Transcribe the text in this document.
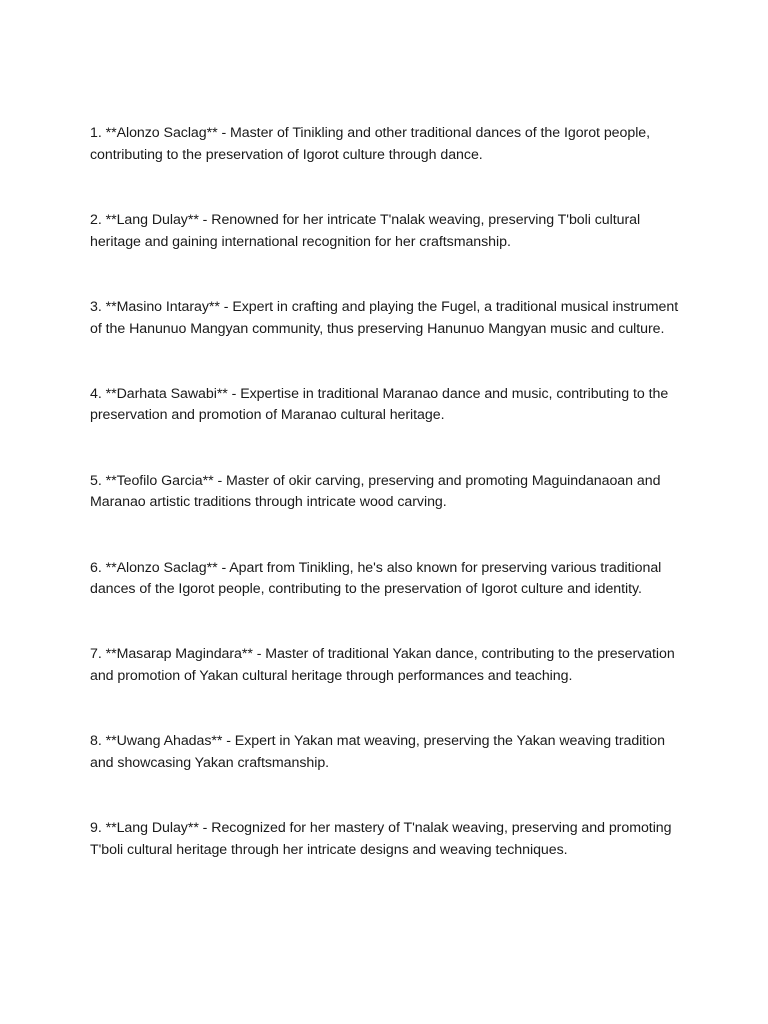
1. **Alonzo Saclag** - Master of Tinikling and other traditional dances of the Igorot people, contributing to the preservation of Igorot culture through dance.

2. **Lang Dulay** - Renowned for her intricate T'nalak weaving, preserving T'boli cultural heritage and gaining international recognition for her craftsmanship.

3. **Masino Intaray** - Expert in crafting and playing the Fugel, a traditional musical instrument of the Hanunuo Mangyan community, thus preserving Hanunuo Mangyan music and culture.

4. **Darhata Sawabi** - Expertise in traditional Maranao dance and music, contributing to the preservation and promotion of Maranao cultural heritage.

5. **Teofilo Garcia** - Master of okir carving, preserving and promoting Maguindanaoan and Maranao artistic traditions through intricate wood carving.

6. **Alonzo Saclag** - Apart from Tinikling, he's also known for preserving various traditional dances of the Igorot people, contributing to the preservation of Igorot culture and identity.

7. **Masarap Magindara** - Master of traditional Yakan dance, contributing to the preservation and promotion of Yakan cultural heritage through performances and teaching.

8. **Uwang Ahadas** - Expert in Yakan mat weaving, preserving the Yakan weaving tradition and showcasing Yakan craftsmanship.

9. **Lang Dulay** - Recognized for her mastery of T'nalak weaving, preserving and promoting T'boli cultural heritage through her intricate designs and weaving techniques.
